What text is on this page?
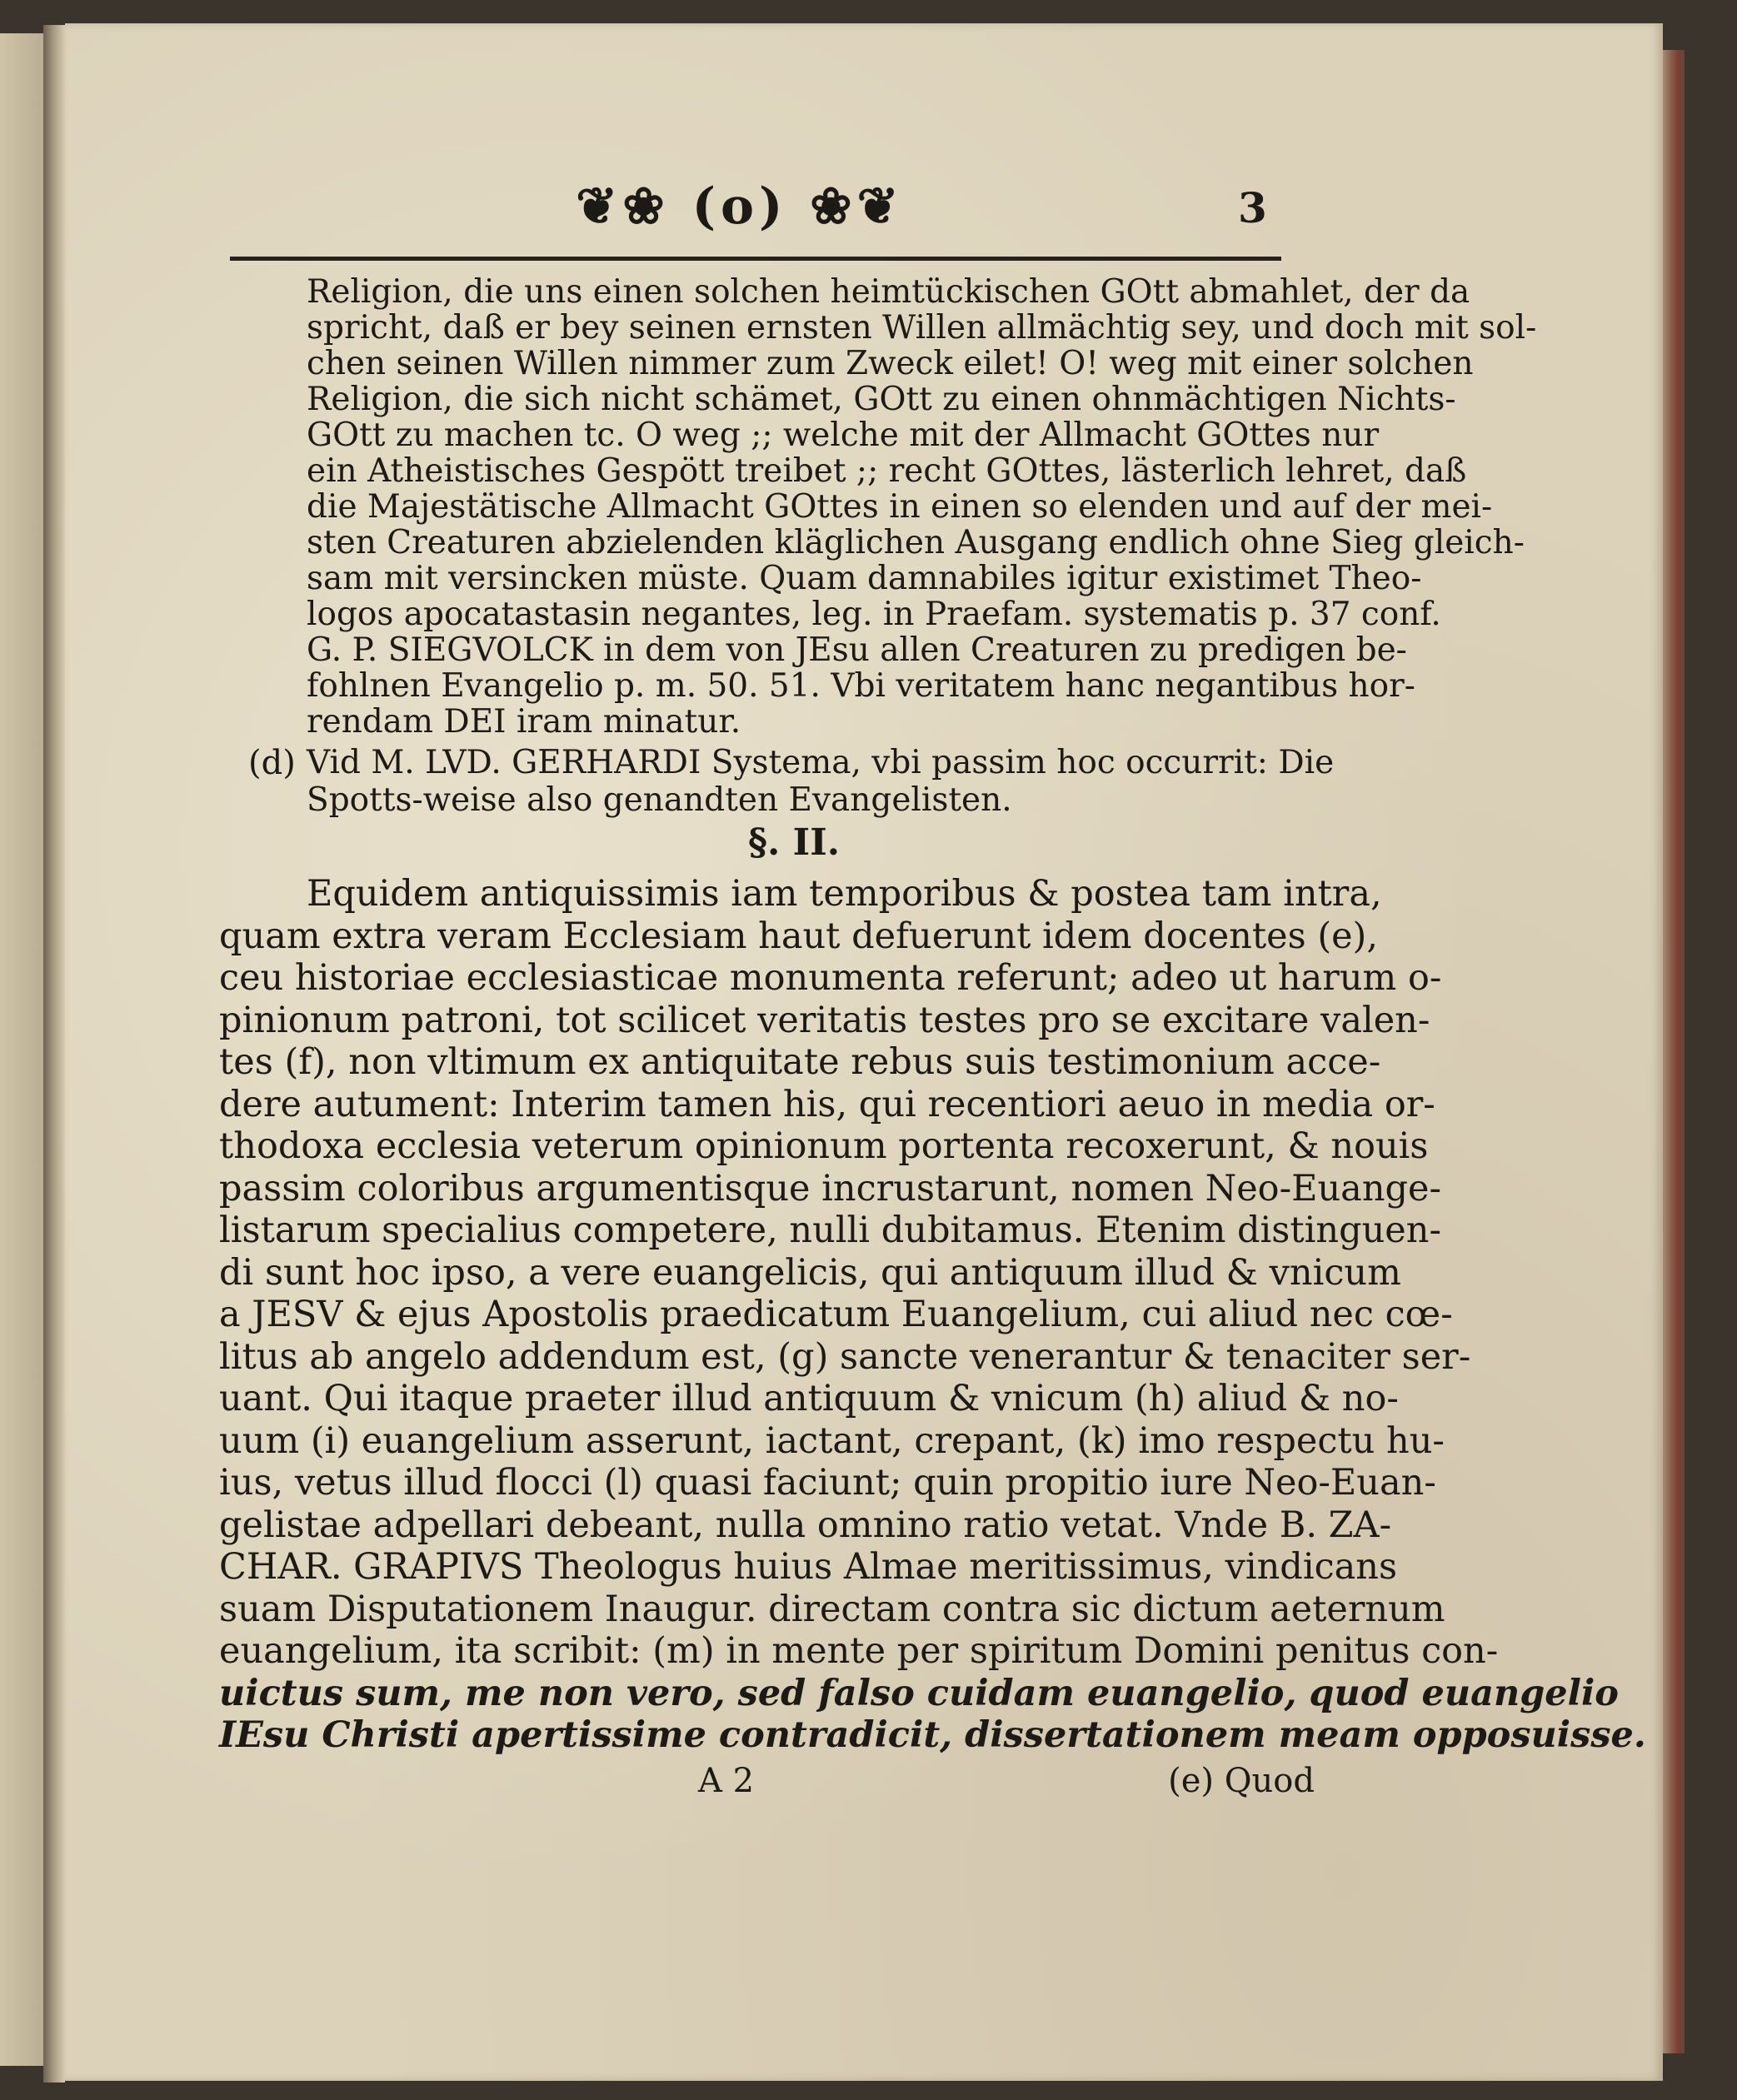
❦❀ (o) ❀❦	3
Religion, die uns einen solchen heimtückischen GOtt abmahlet, der da
spricht, daß er bey seinen ernsten Willen allmächtig sey, und doch mit sol-
chen seinen Willen nimmer zum Zweck eilet! O! weg mit einer solchen
Religion, die sich nicht schämet, GOtt zu einen ohnmächtigen Nichts-
GOtt zu machen tc. O weg ;; welche mit der Allmacht GOttes nur
ein Atheistisches Gespött treibet ;; recht GOttes, lästerlich lehret, daß
die Majestätische Allmacht GOttes in einen so elenden und auf der mei-
sten Creaturen abzielenden kläglichen Ausgang endlich ohne Sieg gleich-
sam mit versincken müste. Quam damnabiles igitur existimet Theo-
logos apocatastasin negantes, leg. in Praefam. systematis p. 37 conf.
G. P. SIEGVOLCK in dem von JEsu allen Creaturen zu predigen be-
fohlnen Evangelio p. m. 50. 51. Vbi veritatem hanc negantibus hor-
rendam DEI iram minatur.
(d) Vid M. LVD. GERHARDI Systema, vbi passim hoc occurrit: Die
Spotts-weise also genandten Evangelisten.
§. II.
Equidem antiquissimis iam temporibus & postea tam intra,
quam extra veram Ecclesiam haut defuerunt idem docentes (e),
ceu historiae ecclesiasticae monumenta referunt; adeo ut harum o-
pinionum patroni, tot scilicet veritatis testes pro se excitare valen-
tes (f), non vltimum ex antiquitate rebus suis testimonium acce-
dere autument: Interim tamen his, qui recentiori aeuo in media or-
thodoxa ecclesia veterum opinionum portenta recoxerunt, & nouis
passim coloribus argumentisque incrustarunt, nomen Neo-Euange-
listarum specialius competere, nulli dubitamus. Etenim distinguen-
di sunt hoc ipso, a vere euangelicis, qui antiquum illud & vnicum
a JESV & ejus Apostolis praedicatum Euangelium, cui aliud nec cœ-
litus ab angelo addendum est, (g) sancte venerantur & tenaciter ser-
uant. Qui itaque praeter illud antiquum & vnicum (h) aliud & no-
uum (i) euangelium asserunt, iactant, crepant, (k) imo respectu hu-
ius, vetus illud flocci (l) quasi faciunt; quin propitio iure Neo-Euan-
gelistae adpellari debeant, nulla omnino ratio vetat. Vnde B. ZA-
CHAR. GRAPIVS Theologus huius Almae meritissimus, vindicans
suam Disputationem Inaugur. directam contra sic dictum aeternum
euangelium, ita scribit: (m) in mente per spiritum Domini penitus con-
uictus sum, me non vero, sed falso cuidam euangelio, quod euangelio
IEsu Christi apertissime contradicit, dissertationem meam opposuisse.
A 2	(e) Quod
